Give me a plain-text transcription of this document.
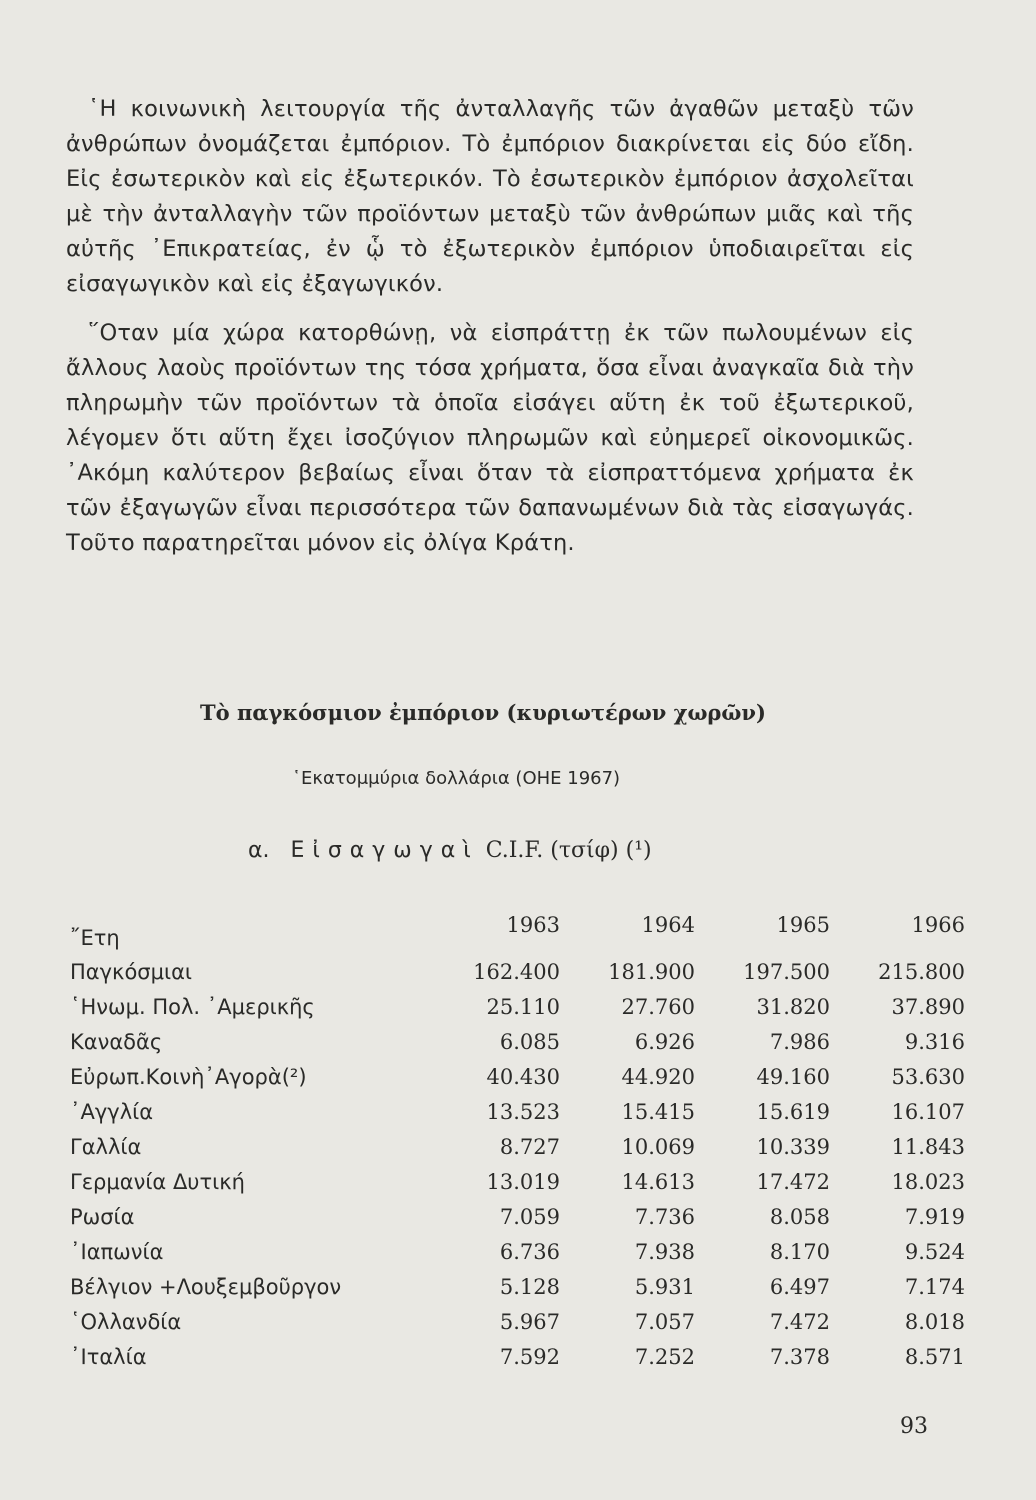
῾Η κοινωνικὴ λειτουργία τῆς ἀνταλλαγῆς τῶν ἀγαθῶν μεταξὺ τῶν ἀνθρώπων ὀνομάζεται ἐμπόριον. Τὸ ἐμπόριον διακρίνεται εἰς δύο εἴδη. Εἰς ἐσωτερικὸν καὶ εἰς ἐξωτερικόν. Τὸ ἐσωτερικὸν ἐμπόριον ἀσχολεῖται μὲ τὴν ἀνταλλαγὴν τῶν προϊόντων μεταξὺ τῶν ἀνθρώπων μιᾶς καὶ τῆς αὐτῆς ᾽Επικρατείας, ἐν ᾧ τὸ ἐξωτερικὸν ἐμπόριον ὑποδιαιρεῖται εἰς εἰσαγωγικὸν καὶ εἰς ἐξαγωγικόν.

῞Οταν μία χώρα κατορθώνῃ, νὰ εἰσπράττῃ ἐκ τῶν πωλουμένων εἰς ἄλλους λαοὺς προϊόντων της τόσα χρήματα, ὅσα εἶναι ἀναγκαῖα διὰ τὴν πληρωμὴν τῶν προϊόντων τὰ ὁποῖα εἰσάγει αὕτη ἐκ τοῦ ἐξωτερικοῦ, λέγομεν ὅτι αὕτη ἔχει ἰσοζύγιον πληρωμῶν καὶ εὐημερεῖ οἰκονομικῶς. ᾽Ακόμη καλύτερον βεβαίως εἶναι ὅταν τὰ εἰσπραττόμενα χρήματα ἐκ τῶν ἐξαγωγῶν εἶναι περισσότερα τῶν δαπανωμένων διὰ τὰς εἰσαγωγάς. Τοῦτο παρατηρεῖται μόνον εἰς ὀλίγα Κράτη.

Τὸ παγκόσμιον ἐμπόριον (κυριωτέρων χωρῶν)
῾Εκατομμύρια δολλάρια (ΟΗΕ 1967)
α. Εἰσαγωγαὶ C.I.F. (τσίφ) (¹)
῎Ετη	1963	1964	1965	1966
Παγκόσμιαι	162.400	181.900	197.500	215.800
῾Ηνωμ. Πολ. ᾽Αμερικῆς	25.110	27.760	31.820	37.890
Καναδᾶς	6.085	6.926	7.986	9.316
Εὐρωπ.Κοινὴ᾽Αγορὰ(²)	40.430	44.920	49.160	53.630
᾽Αγγλία	13.523	15.415	15.619	16.107
Γαλλία	8.727	10.069	10.339	11.843
Γερμανία Δυτική	13.019	14.613	17.472	18.023
Ρωσία	7.059	7.736	8.058	7.919
᾽Ιαπωνία	6.736	7.938	8.170	9.524
Βέλγιον +Λουξεμβοῦργον	5.128	5.931	6.497	7.174
῾Ολλανδία	5.967	7.057	7.472	8.018
᾽Ιταλία	7.592	7.252	7.378	8.571
93
